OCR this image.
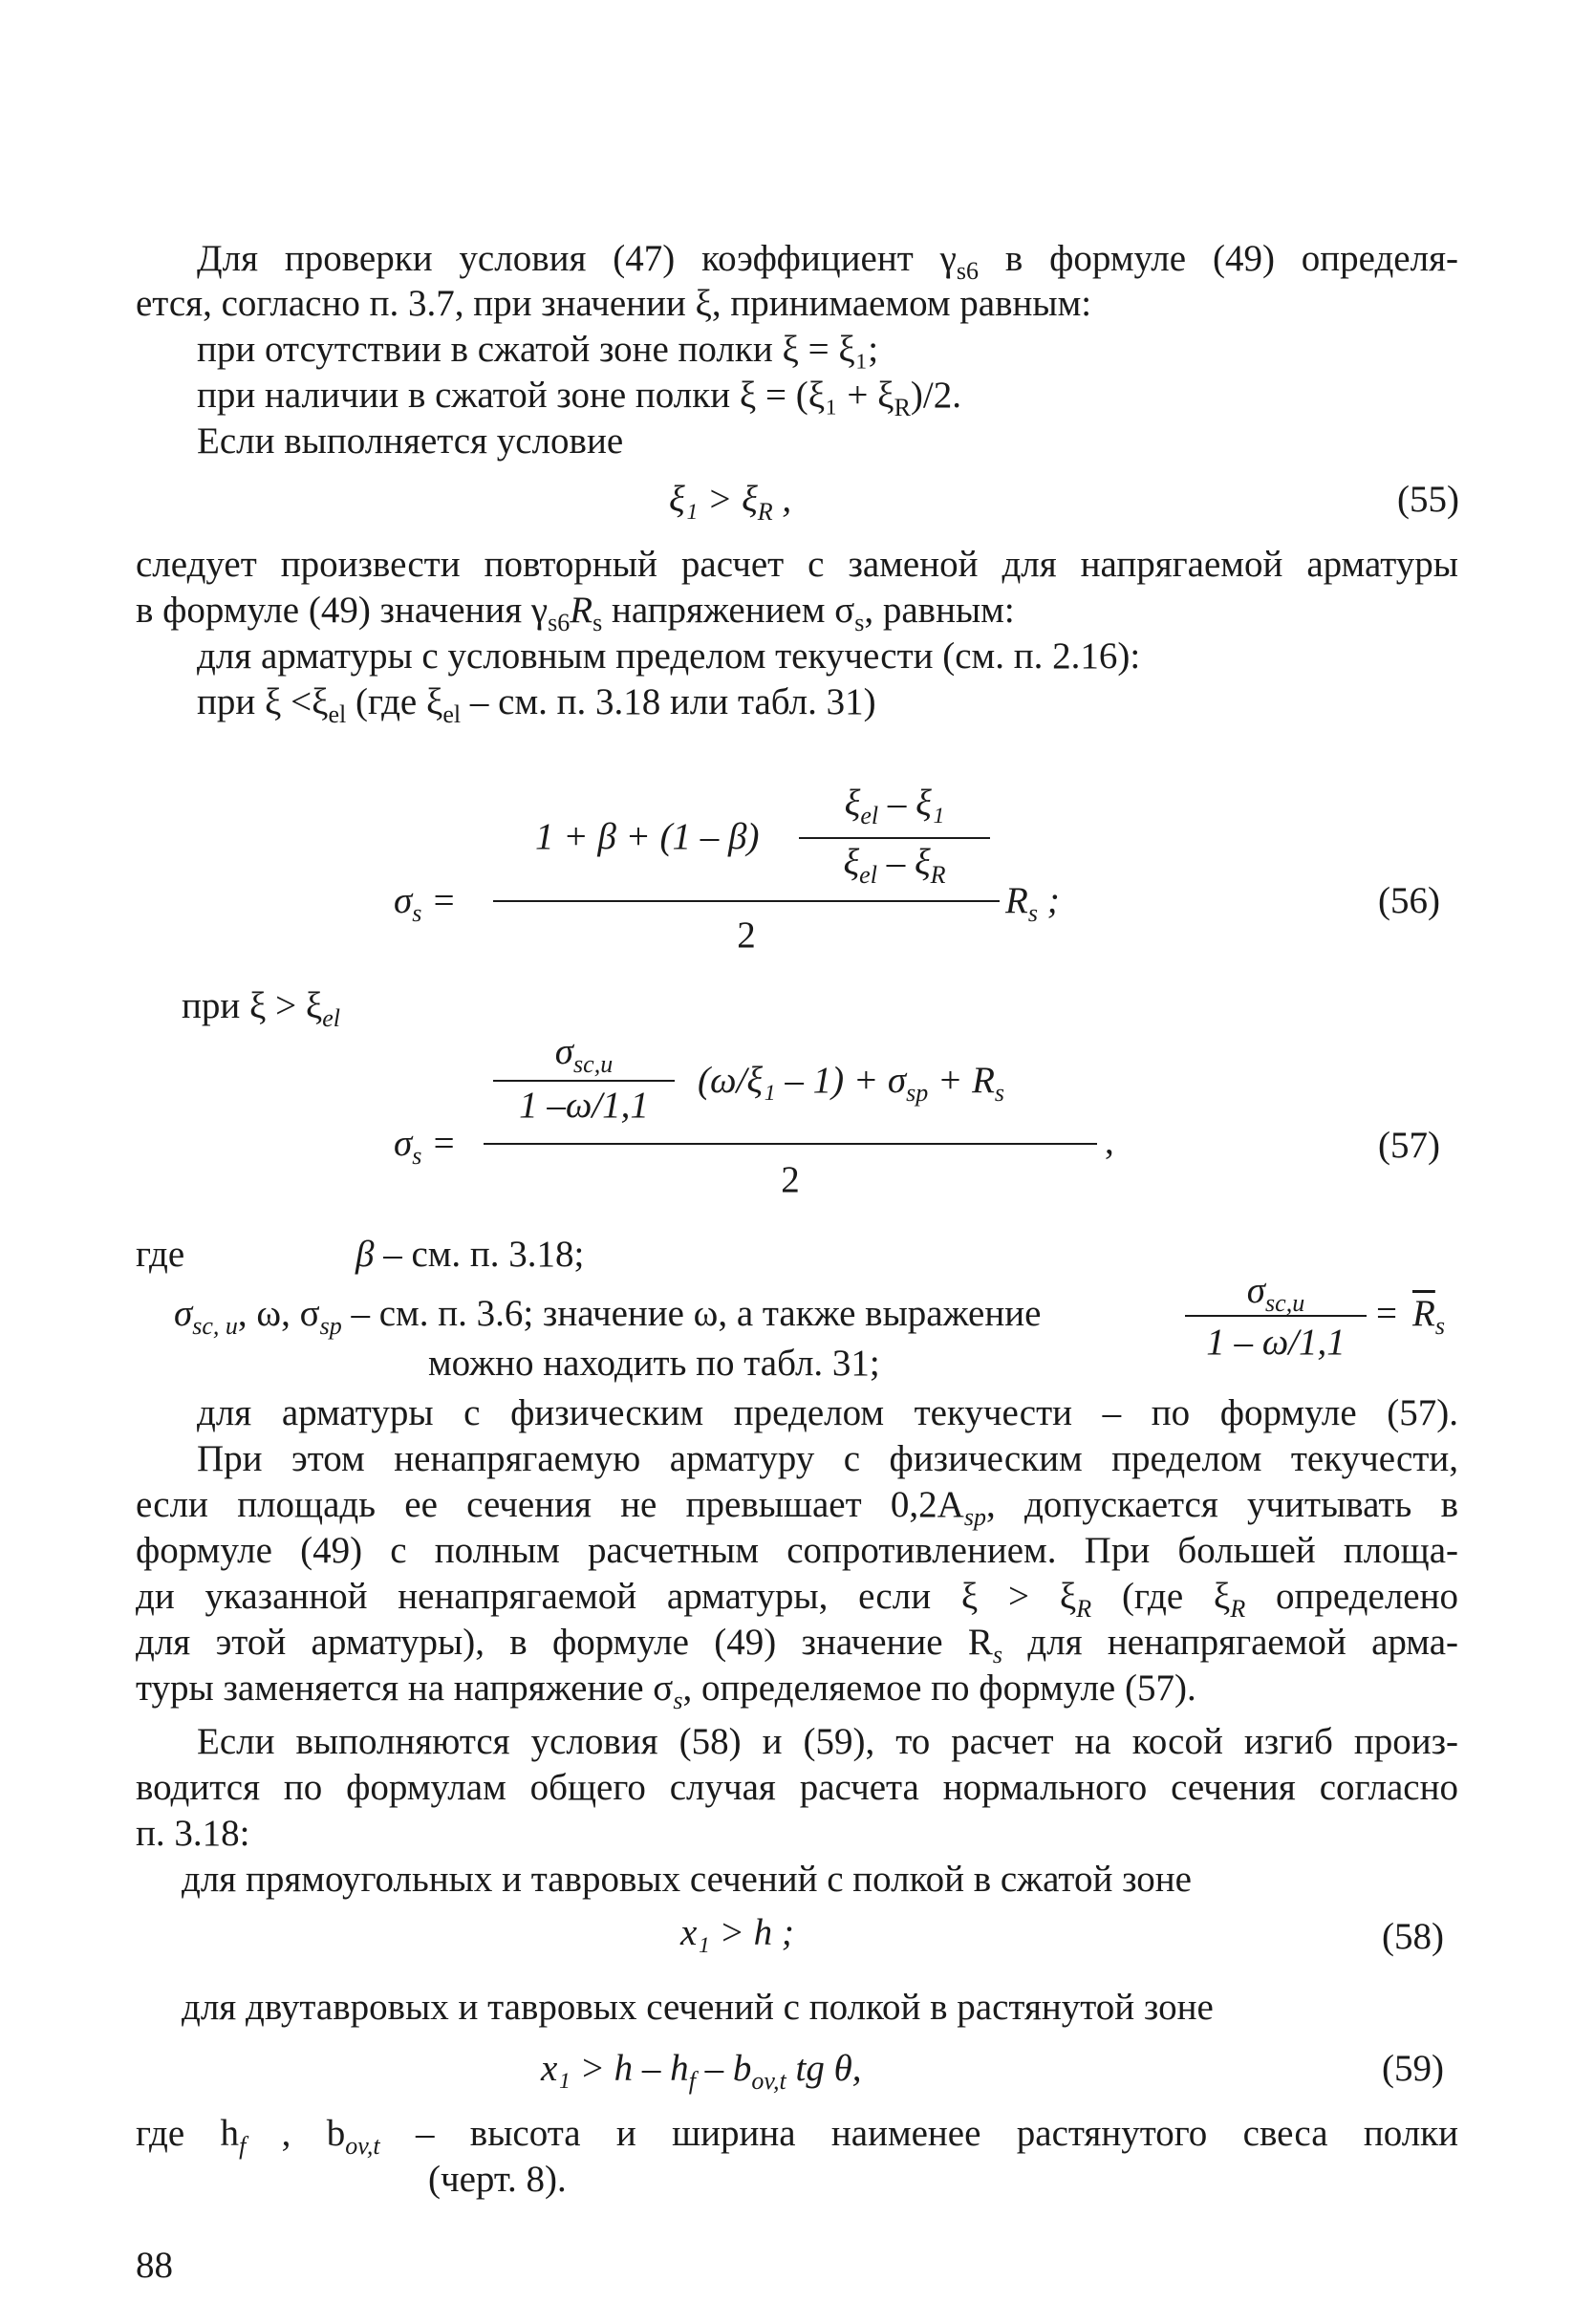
Для проверки условия (47) коэффициент $\gamma_{s6}$ в формуле (49) определя-
ется, согласно п. 3.7, при значении ξ, принимаемом равным:
при отсутствии в сжатой зоне полки ξ = ξ₁;
при наличии в сжатой зоне полки $\xi = (\xi_1 + \xi_R)/2$.
Если выполняется условие
$\xi_1 > \xi_R$ ,	(55)
следует произвести повторный расчет с заменой для напрягаемой арматуры
в формуле (49) значения $\gamma_{s6}R_s$ напряжением $\sigma_s$, равным:
для арматуры с условным пределом текучести (см. п. 2.16):
при $\xi <\xi_{el}$ (где $\xi_{el}$ – см. п. 3.18 или табл. 31)
$\xi_{el} - \xi_1$
$\xi_{el} - \xi_R$
1 + β + (1 – β)
$\sigma_s$ =	$R_s$ ;
2
(56)
при $\xi > \xi_{el}$
$\sigma_{sc,u}$
1 –ω/1,1
$(\omega/\xi_1 - 1) + \sigma_{sp} + R_s$
$\sigma_s$ =	,
2
(57)
где	β – см. п. 3.18;
$\sigma_{sc, u}$, ω, $\sigma_{sp}$ – см. п. 3.6; значение ω, а также выражение
$\sigma_{sc,u}$
1 – ω/1,1
= $\overline{R}_s$
можно находить по табл. 31;
для арматуры с физическим пределом текучести – по формуле (57).
При этом ненапрягаемую арматуру с физическим пределом текучести,
если площадь ее сечения не превышает $0,2A_{sp}$, допускается учитывать в
формуле (49) с полным расчетным сопротивлением. При большей площа-
ди указанной ненапрягаемой арматуры, если $\xi > \xi_R$ (где $\xi_R$ определено
для этой арматуры), в формуле (49) значение $R_s$ для ненапрягаемой арма-
туры заменяется на напряжение $\sigma_s$, определяемое по формуле (57).
Если выполняются условия (58) и (59), то расчет на косой изгиб произ-
водится по формулам общего случая расчета нормального сечения согласно
п. 3.18:
для прямоугольных и тавровых сечений с полкой в сжатой зоне
x₁ > h ;	(58)
для двутавровых и тавровых сечений с полкой в растянутой зоне
$x_1 > h - h_f - b_{ov,t}$ tg θ,	(59)
где $h_f$ , $b_{ov,t}$ – высота и ширина наименее растянутого свеса полки
(черт. 8).
88
